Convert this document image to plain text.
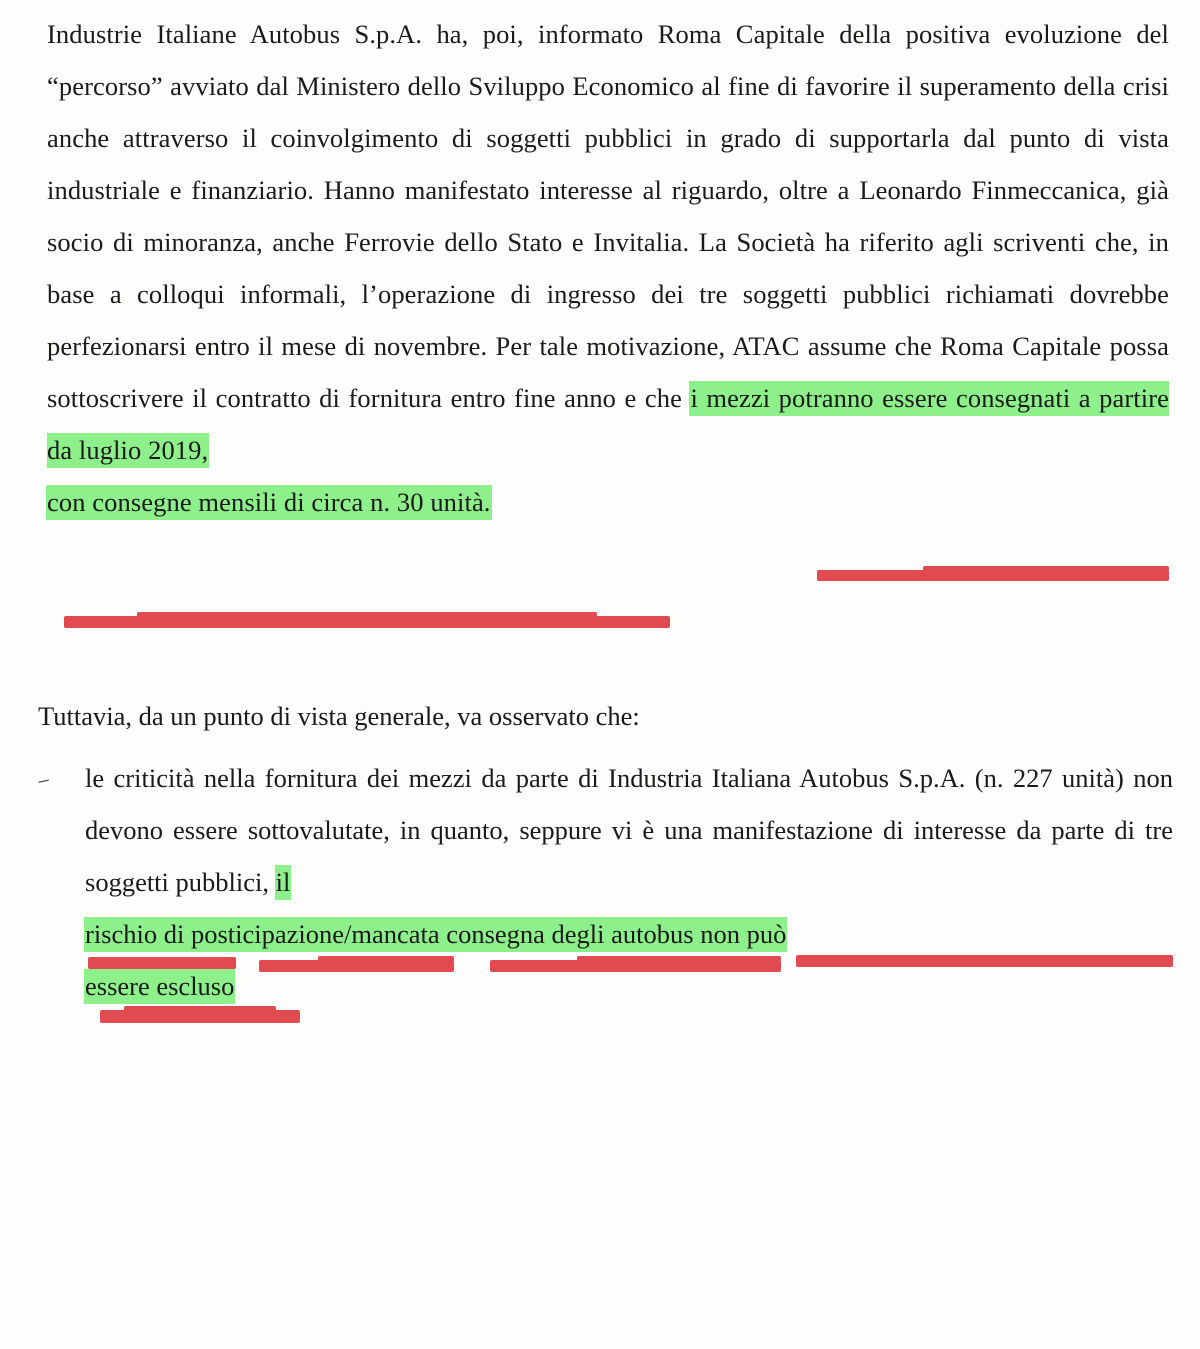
Industrie Italiane Autobus S.p.A. ha, poi, informato Roma Capitale della positiva evoluzione del “percorso” avviato dal Ministero dello Sviluppo Economico al fine di favorire il superamento della crisi anche attraverso il coinvolgimento di soggetti pubblici in grado di supportarla dal punto di vista industriale e finanziario. Hanno manifestato interesse al riguardo, oltre a Leonardo Finmeccanica, già socio di minoranza, anche Ferrovie dello Stato e Invitalia. La Società ha riferito agli scriventi che, in base a colloqui informali, l’operazione di ingresso dei tre soggetti pubblici richiamati dovrebbe perfezionarsi entro il mese di novembre. Per tale motivazione, ATAC assume che Roma Capitale possa sottoscrivere il contratto di fornitura entro fine anno e che i mezzi potranno essere consegnati a partire da luglio 2019,
con consegne mensili di circa n. 30 unità.

Tuttavia, da un punto di vista generale, va osservato che:
–	le criticità nella fornitura dei mezzi da parte di Industria Italiana Autobus S.p.A. (n. 227 unità) non devono essere sottovalutate, in quanto, seppure vi è una manifestazione di interesse da parte di tre soggetti pubblici, il
rischio di posticipazione/mancata consegna degli autobus non può
essere escluso
